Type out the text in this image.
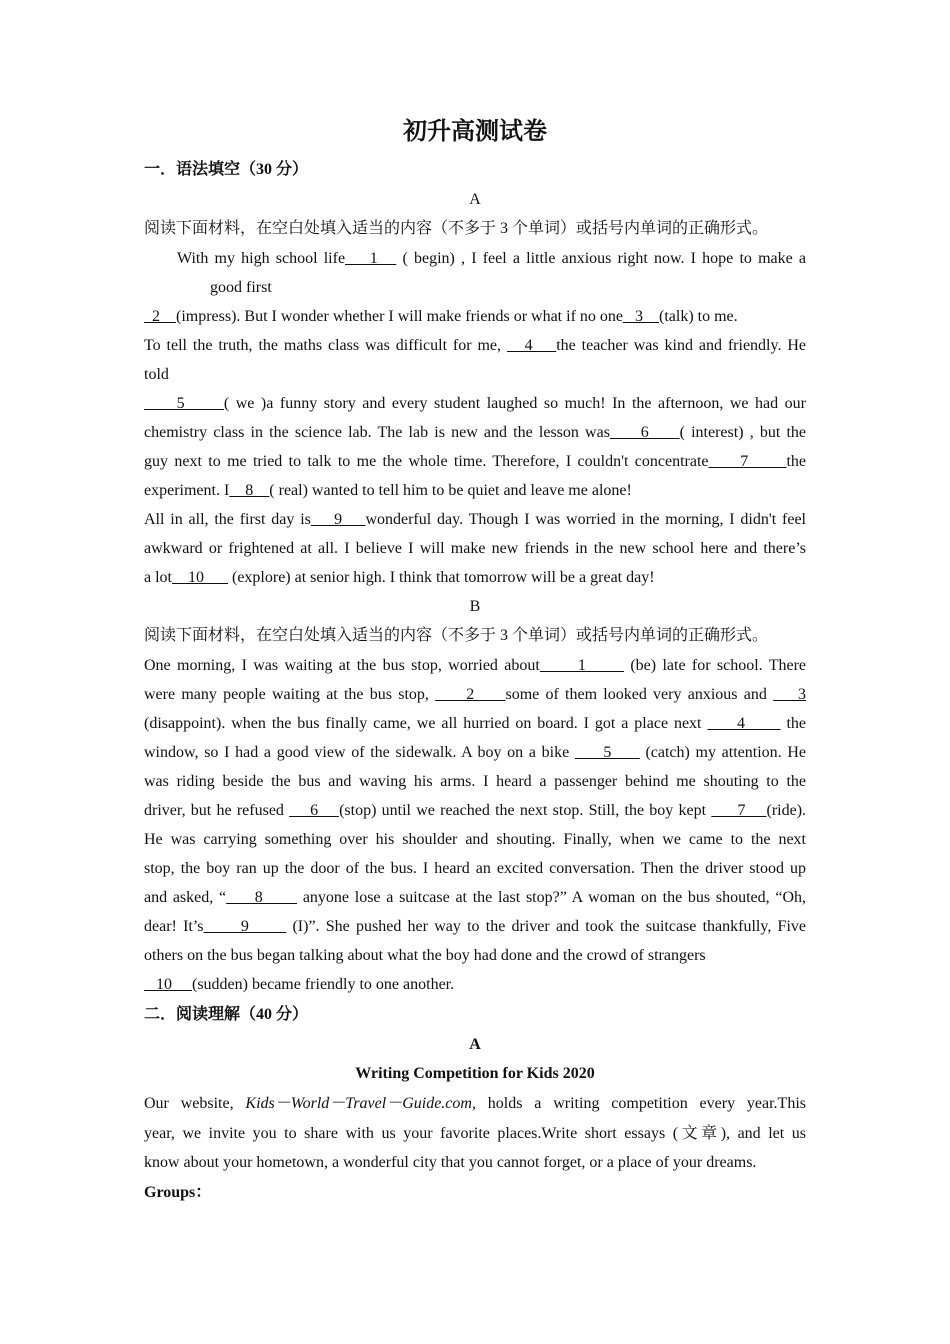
初升高测试卷
一．语法填空（30 分）
A
阅读下面材料，在空白处填入适当的内容（不多于 3 个单词）或括号内单词的正确形式。
With my high school life    1    ( begin) , I feel a little anxious right now. I hope to make a
good first
2    (impress). But I wonder whether I will make friends or what if no one   3    (talk) to me.
To tell the truth, the maths class was difficult for me,    4    the teacher was kind and friendly. He
told
5      ( we )a funny story and every student laughed so much! In the afternoon, we had our
chemistry class in the science lab. The lab is new and the lesson was     6     ( interest) , but the
guy next to me tried to talk to me the whole time. Therefore, I couldn't concentrate     7      the
experiment. I    8    ( real) wanted to tell him to be quiet and leave me alone!
All in all, the first day is    9    wonderful day. Though I was worried in the morning, I didn't feel
awkward or frightened at all. I believe I will make new friends in the new school here and there’s
a lot    10       (explore) at senior high. I think that tomorrow will be a great day!
B
阅读下面材料，在空白处填入适当的内容（不多于 3 个单词）或括号内单词的正确形式。
One morning, I was waiting at the bus stop, worried about      1       (be) late for school. There
were many people waiting at the bus stop,      2     some of them looked very anxious and     3
(disappoint). when the bus finally came, we all hurried on board. I got a place next      4       the
window, so I had a good view of the sidewalk. A boy on a bike      5      (catch) my attention. He
was riding beside the bus and waving his arms. I heard a passenger behind me shouting to the
driver, but he refused     6    (stop) until we reached the next stop. Still, the boy kept      7    (ride).
He was carrying something over his shoulder and shouting. Finally, when we came to the next
stop, the boy ran up the door of the bus. I heard an excited conversation. Then the driver stood up
and asked, “     8       anyone lose a suitcase at the last stop?” A woman on the bus shouted, “Oh,
dear! It’s      9       (I)”. She pushed her way to the driver and took the suitcase thankfully, Five
others on the bus began talking about what the boy had done and the crowd of strangers
10     (sudden) became friendly to one another.
二．阅读理解（40 分）
A
Writing Competition for Kids 2020
Our website, Kids－World－Travel－Guide.com, holds a writing competition every year.This
year, we invite you to share with us your favorite places.Write short essays (文章), and let us
know about your hometown, a wonderful city that you cannot forget, or a place of your dreams.
Groups：
